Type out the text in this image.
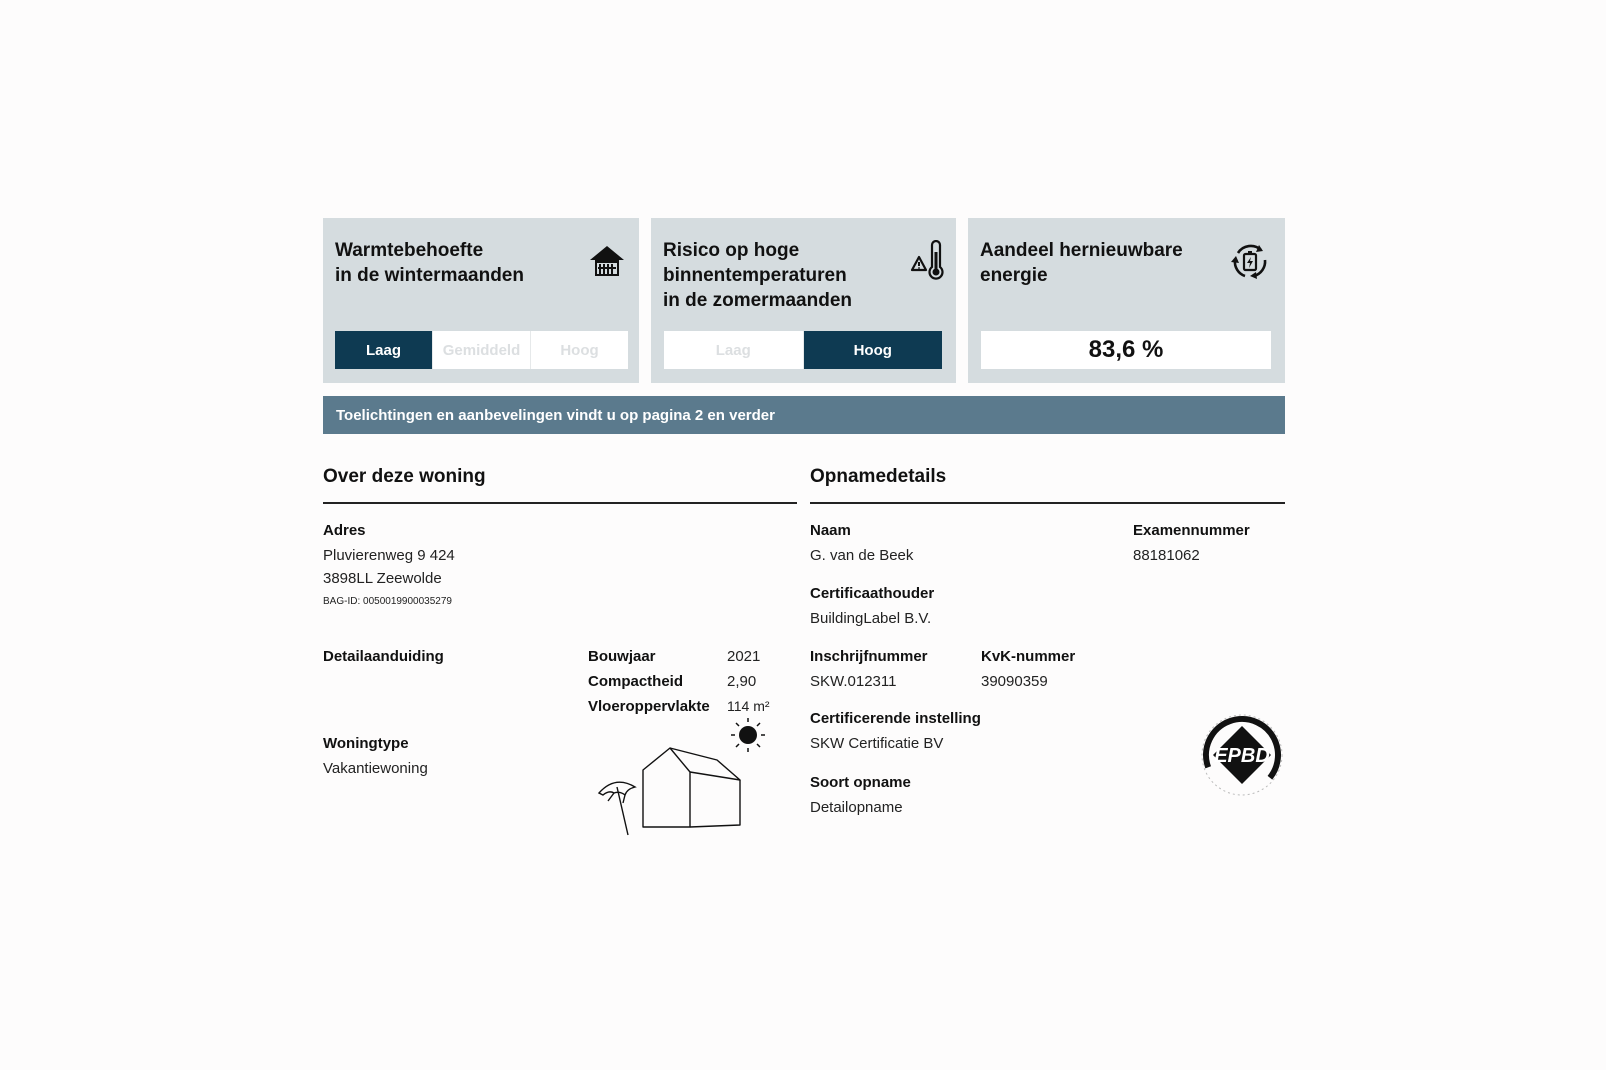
Warmtebehoefte
in de wintermaanden
Laag	Gemiddeld	Hoog
Risico op hoge
binnentemperaturen
in de zomermaanden
Laag	Hoog
Aandeel hernieuwbare
energie
83,6 %
Toelichtingen en aanbevelingen vindt u op pagina 2 en verder
Over deze woning
Adres
Pluvierenweg 9 424
3898LL Zeewolde
BAG-ID: 0050019900035279
Detailaanduiding	Bouwjaar	2021
Compactheid	2,90
Vloeroppervlakte 114 m²
Woningtype
Vakantiewoning
Opnamedetails
Naam
G. van de Beek
Examennummer
88181062
Certificaathouder
BuildingLabel B.V.
Inschrijfnummer
SKW.012311
KvK-nummer
39090359
Certificerende instelling
SKW Certificatie BV
Soort opname
Detailopname
EPBD
